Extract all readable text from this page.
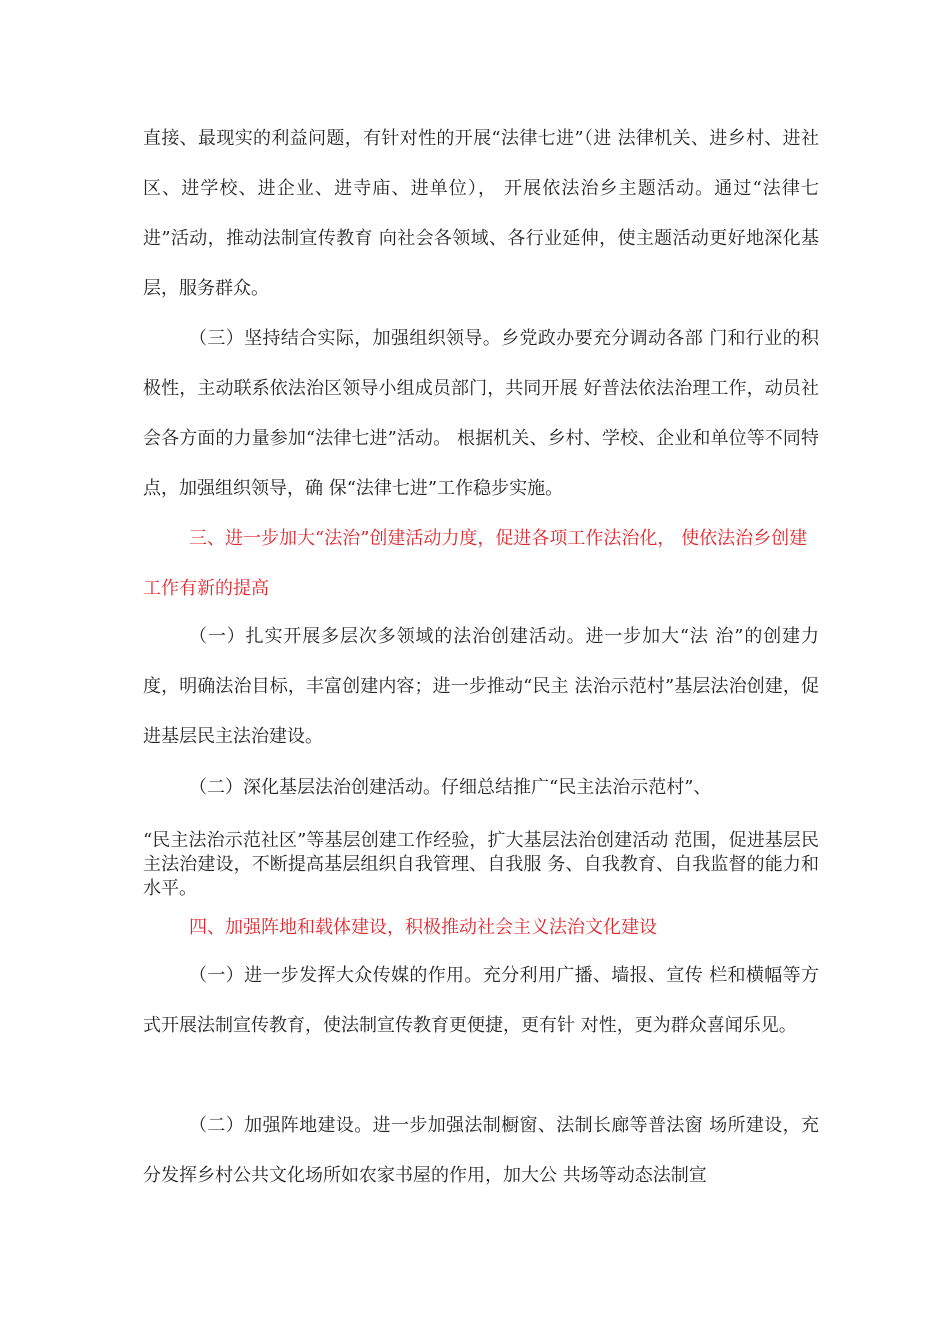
直接、最现实的利益问题，有针对性的开展“法律七进”（进 法律机关、进乡村、进社区、进学校、进企业、进寺庙、进单位）， 开展依法治乡主题活动。通过“法律七进”活动，推动法制宣传教育 向社会各领域、各行业延伸，使主题活动更好地深化基层，服务群众。

（三）坚持结合实际，加强组织领导。乡党政办要充分调动各部 门和行业的积极性，主动联系依法治区领导小组成员部门，共同开展 好普法依法治理工作，动员社会各方面的力量参加“法律七进”活动。 根据机关、乡村、学校、企业和单位等不同特点，加强组织领导，确 保“法律七进”工作稳步实施。

三、进一步加大“法治”创建活动力度，促进各项工作法治化， 使依法治乡创建工作有新的提高

（一）扎实开展多层次多领域的法治创建活动。进一步加大“法 治”的创建力度，明确法治目标，丰富创建内容；进一步推动“民主 法治示范村”基层法治创建，促进基层民主法治建设。

（二）深化基层法治创建活动。仔细总结推广“民主法治示范村”、

“民主法治示范社区”等基层创建工作经验，扩大基层法治创建活动 范围，促进基层民主法治建设，不断提高基层组织自我管理、自我服 务、自我教育、自我监督的能力和水平。

四、加强阵地和载体建设，积极推动社会主义法治文化建设

（一）进一步发挥大众传媒的作用。充分利用广播、墙报、宣传 栏和横幅等方式开展法制宣传教育，使法制宣传教育更便捷，更有针 对性，更为群众喜闻乐见。

（二）加强阵地建设。进一步加强法制橱窗、法制长廊等普法窗 场所建设，充分发挥乡村公共文化场所如农家书屋的作用，加大公 共场等动态法制宣
